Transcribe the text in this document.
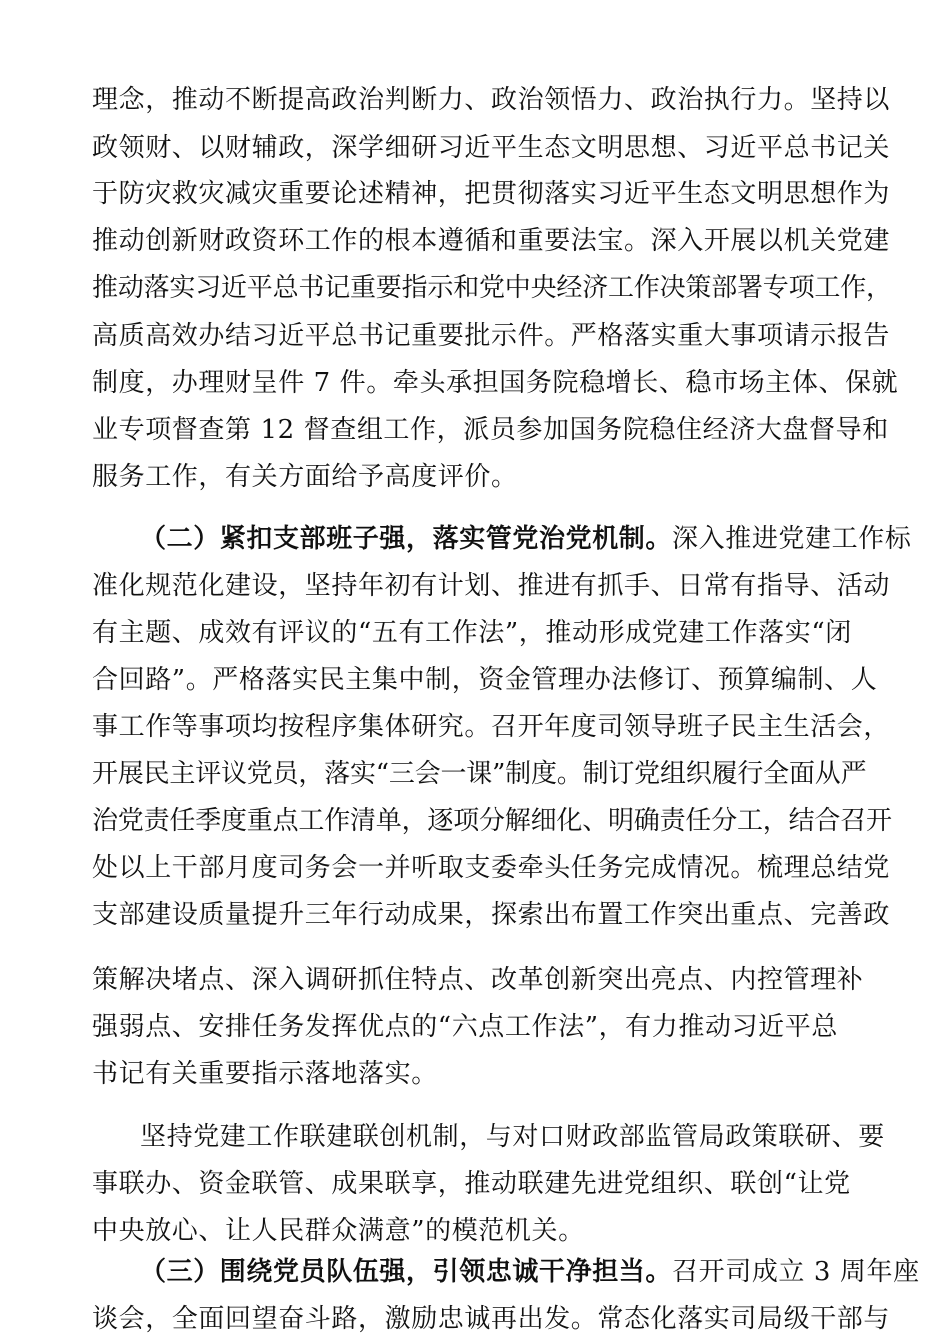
理念，推动不断提高政治判断力、政治领悟力、政治执行力。坚持以
政领财、以财辅政，深学细研习近平生态文明思想、习近平总书记关
于防灾救灾减灾重要论述精神，把贯彻落实习近平生态文明思想作为
推动创新财政资环工作的根本遵循和重要法宝。深入开展以机关党建
推动落实习近平总书记重要指示和党中央经济工作决策部署专项工作，
高质高效办结习近平总书记重要批示件。严格落实重大事项请示报告
制度，办理财呈件 7 件。牵头承担国务院稳增长、稳市场主体、保就
业专项督查第 12 督查组工作，派员参加国务院稳住经济大盘督导和
服务工作，有关方面给予高度评价。
（二）紧扣支部班子强，落实管党治党机制。深入推进党建工作标
准化规范化建设，坚持年初有计划、推进有抓手、日常有指导、活动
有主题、成效有评议的“五有工作法”，推动形成党建工作落实“闭
合回路”。严格落实民主集中制，资金管理办法修订、预算编制、人
事工作等事项均按程序集体研究。召开年度司领导班子民主生活会，
开展民主评议党员，落实“三会一课”制度。制订党组织履行全面从严
治党责任季度重点工作清单，逐项分解细化、明确责任分工，结合召开
处以上干部月度司务会一并听取支委牵头任务完成情况。梳理总结党
支部建设质量提升三年行动成果，探索出布置工作突出重点、完善政
策解决堵点、深入调研抓住特点、改革创新突出亮点、内控管理补
强弱点、安排任务发挥优点的“六点工作法”，有力推动习近平总
书记有关重要指示落地落实。
坚持党建工作联建联创机制，与对口财政部监管局政策联研、要
事联办、资金联管、成果联享，推动联建先进党组织、联创“让党
中央放心、让人民群众满意”的模范机关。
（三）围绕党员队伍强，引领忠诚干净担当。召开司成立 3 周年座
谈会，全面回望奋斗路，激励忠诚再出发。常态化落实司局级干部与
